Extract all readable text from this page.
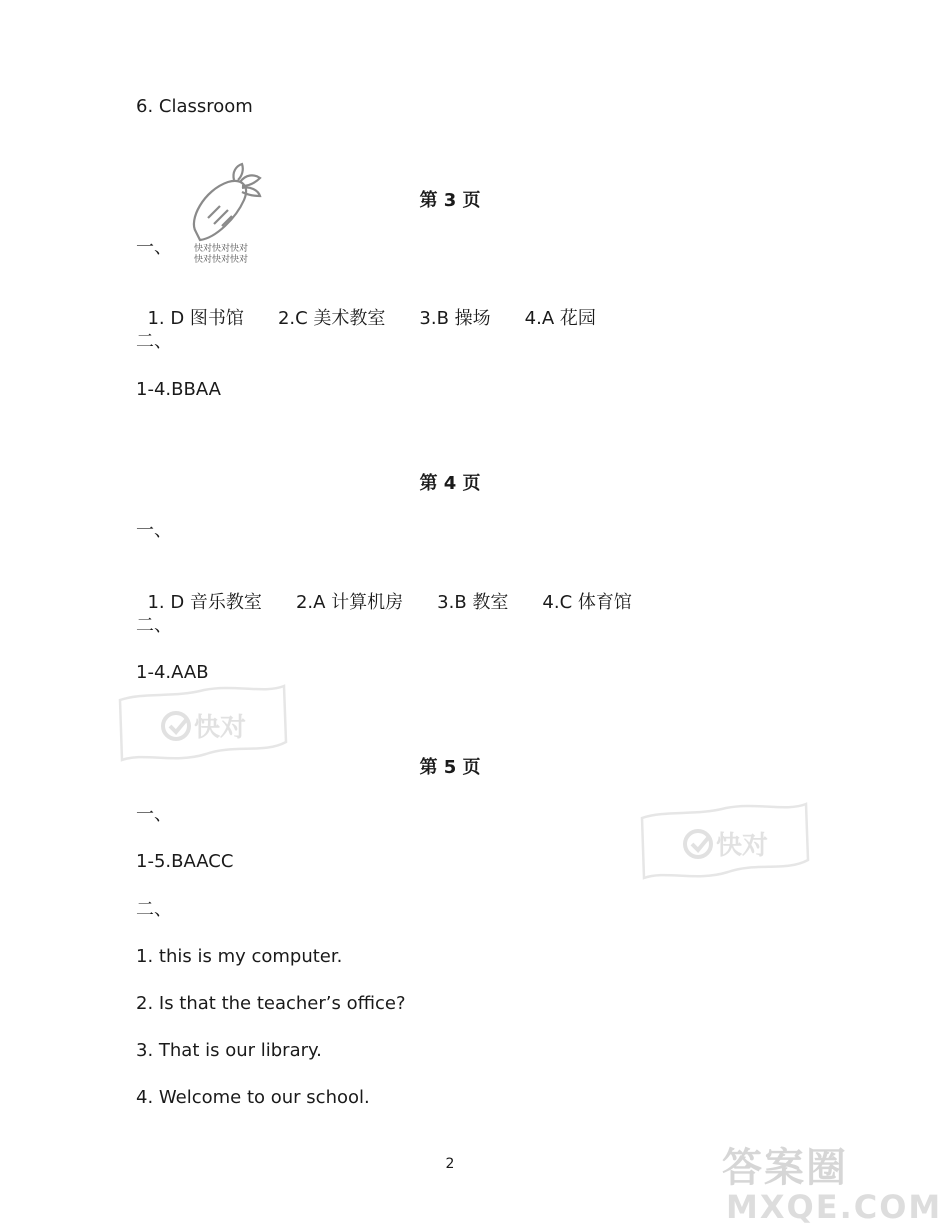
6. Classroom
快对快对快对
快对快对快对
第 3 页
一、

1. D 图书馆 2.C 美术教室 3.B 操场 4.A 花园

二、
1-4.BBAA
第 4 页
一、

1. D 音乐教室 2.A 计算机房 3.B 教室 4.C 体育馆

二、
1-4.AAB
快对
第 5 页
一、
1-5.BAACC
快对
二、
1. this is my computer.
2. Is that the teacher’s office?
3. That is our library.
4. Welcome to our school.
2	答案圈
MXQE.COM
